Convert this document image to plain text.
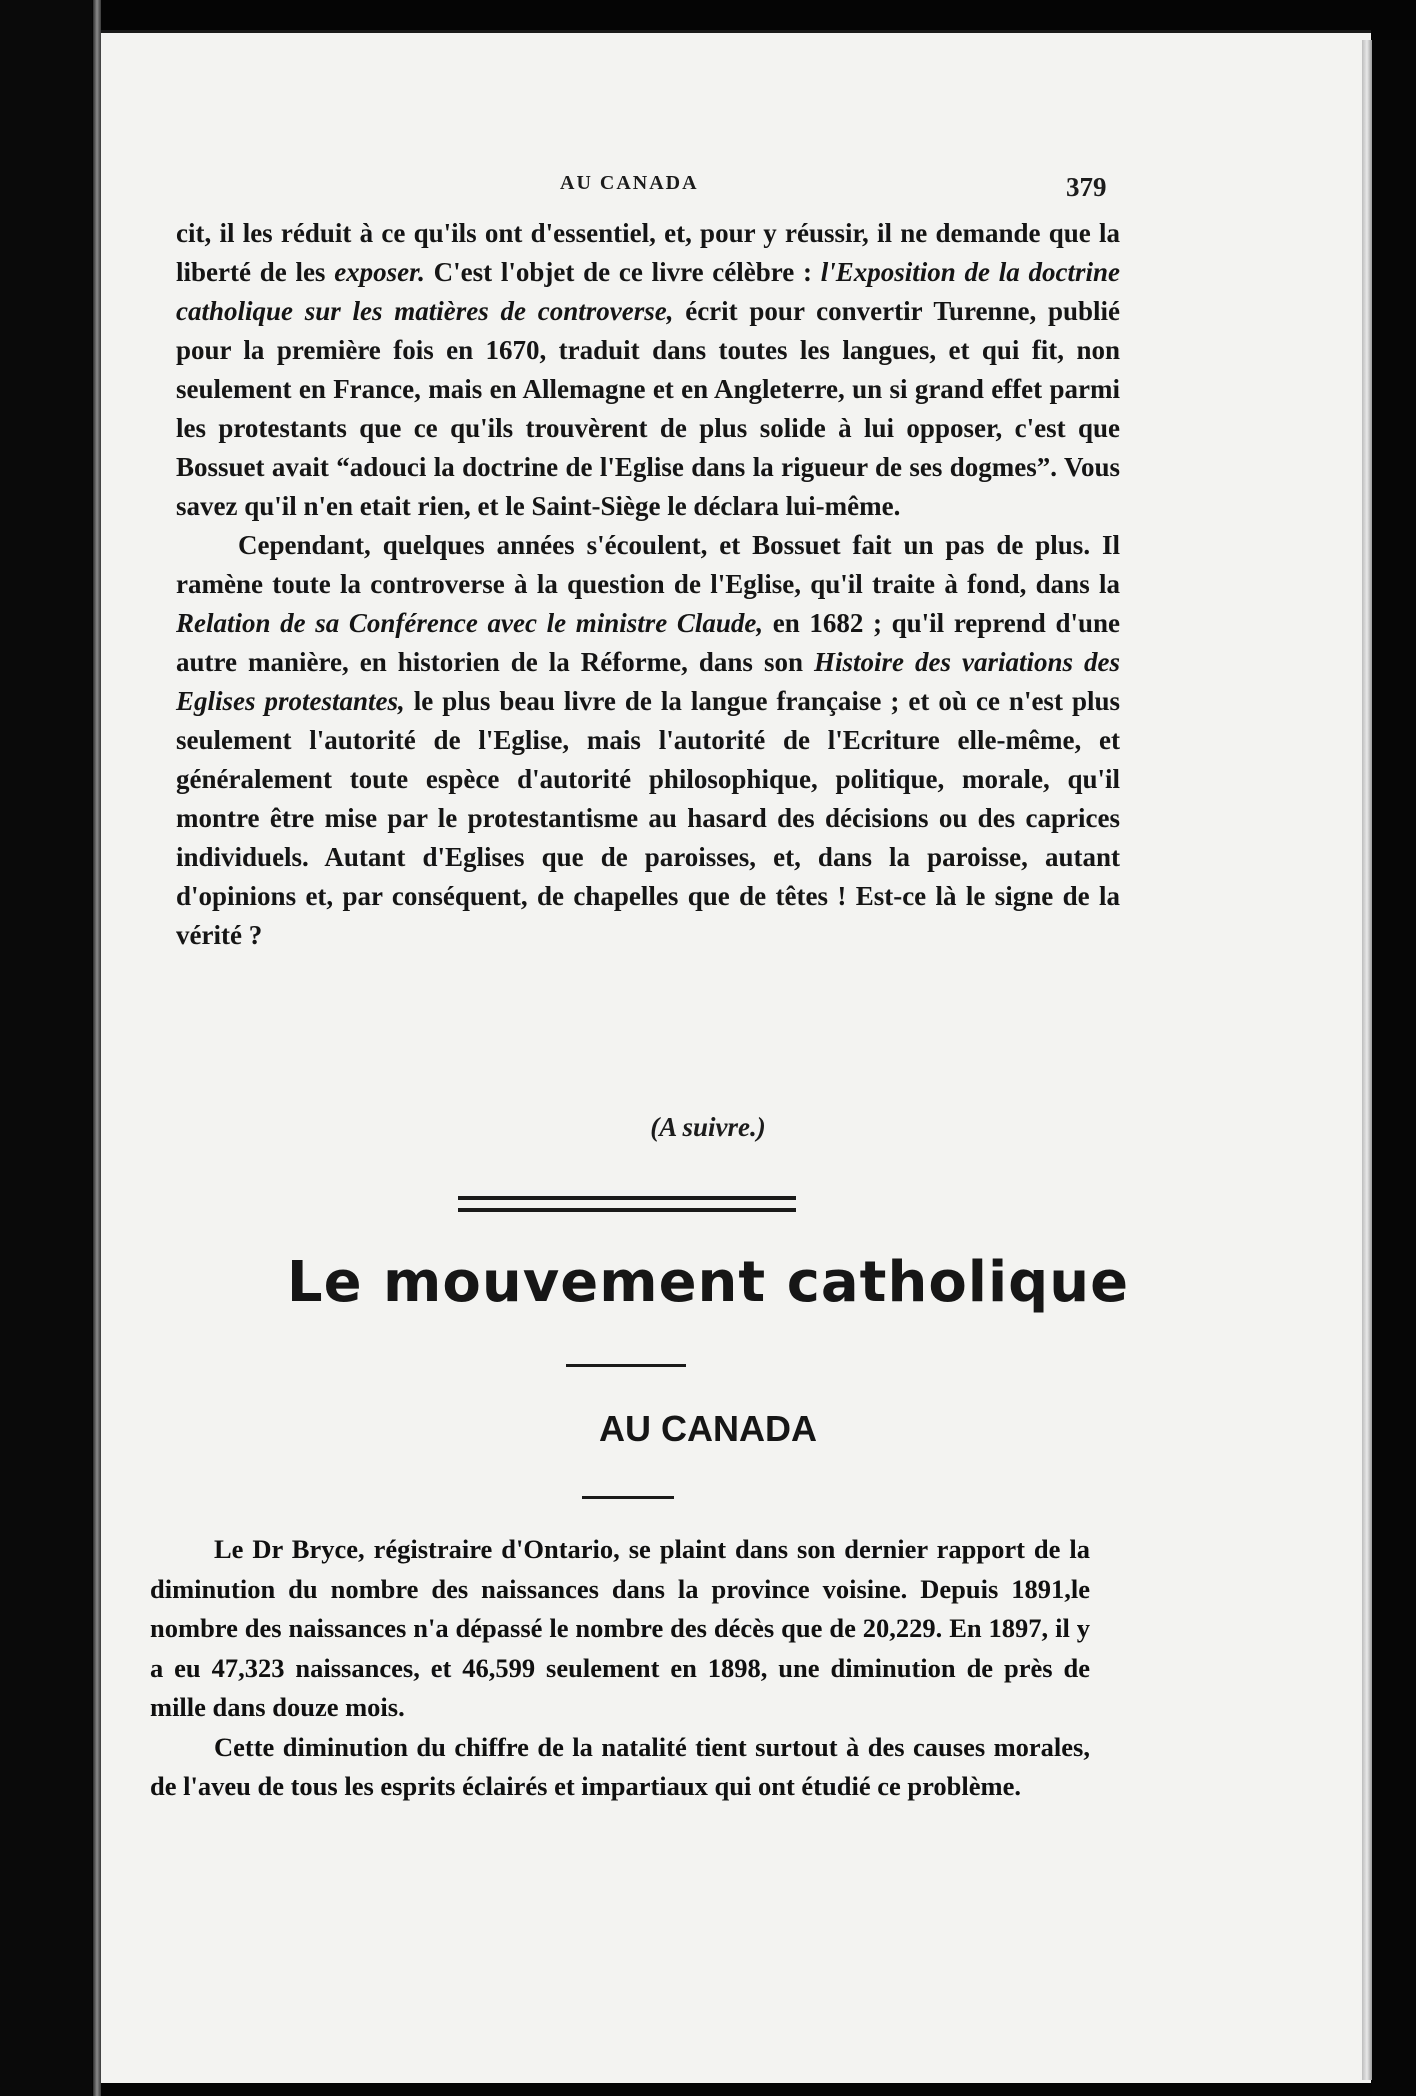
AU CANADA	379

cit, il les réduit à ce qu'ils ont d'essentiel, et, pour y réussir, il ne demande que la liberté de les exposer. C'est l'objet de ce livre célèbre : l'Exposition de la doctrine catholique sur les matières de controverse, écrit pour convertir Turenne, publié pour la première fois en 1670, traduit dans toutes les langues, et qui fit, non seulement en France, mais en Allemagne et en Angleterre, un si grand effet parmi les protestants que ce qu'ils trouvèrent de plus solide à lui opposer, c'est que Bossuet avait “adouci la doctrine de l'Eglise dans la rigueur de ses dogmes”. Vous savez qu'il n'en etait rien, et le Saint-Siège le déclara lui-même.

Cependant, quelques années s'écoulent, et Bossuet fait un pas de plus. Il ramène toute la controverse à la question de l'Eglise, qu'il traite à fond, dans la Relation de sa Conférence avec le ministre Claude, en 1682 ; qu'il reprend d'une autre manière, en historien de la Réforme, dans son Histoire des variations des Eglises protestantes, le plus beau livre de la langue française ; et où ce n'est plus seulement l'autorité de l'Eglise, mais l'autorité de l'Ecriture elle-même, et généralement toute espèce d'autorité philosophique, politique, morale, qu'il montre être mise par le protestantisme au hasard des décisions ou des caprices individuels. Autant d'Eglises que de paroisses, et, dans la paroisse, autant d'opinions et, par conséquent, de chapelles que de têtes ! Est-ce là le signe de la vérité ?

(A suivre.)
Le mouvement catholique
AU CANADA

Le Dr Bryce, régistraire d'Ontario, se plaint dans son dernier rapport de la diminution du nombre des naissances dans la province voisine. Depuis 1891,le nombre des naissances n'a dépassé le nombre des décès que de 20,229. En 1897, il y a eu 47,323 naissances, et 46,599 seulement en 1898, une diminution de près de mille dans douze mois.

Cette diminution du chiffre de la natalité tient surtout à des causes morales, de l'aveu de tous les esprits éclairés et impartiaux qui ont étudié ce problème.
